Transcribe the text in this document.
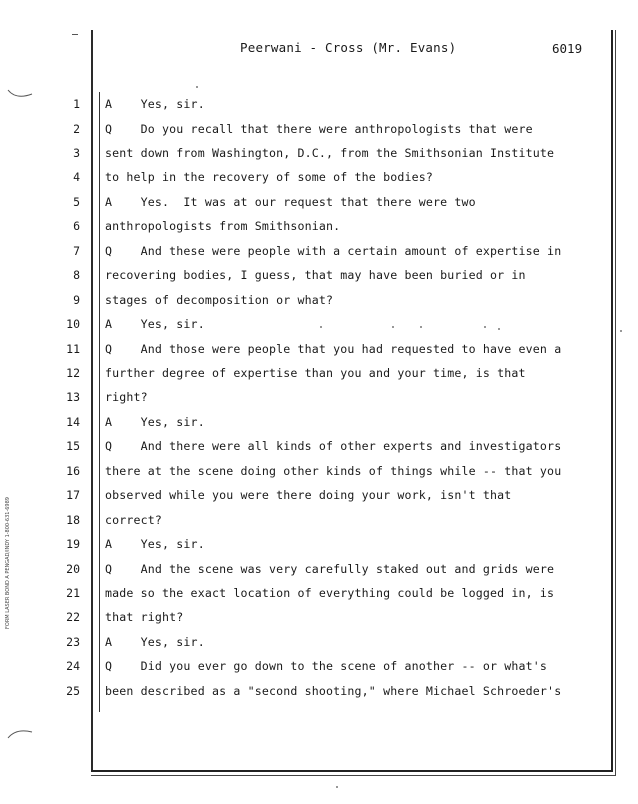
Peerwani - Cross (Mr. Evans)	6019
1 A    Yes, sir.
2 Q    Do you recall that there were anthropologists that were
3 sent down from Washington, D.C., from the Smithsonian Institute
4 to help in the recovery of some of the bodies?
5 A    Yes.  It was at our request that there were two
6 anthropologists from Smithsonian.
7 Q    And these were people with a certain amount of expertise in
8 recovering bodies, I guess, that may have been buried or in
9 stages of decomposition or what?
10 A    Yes, sir.
11 Q    And those were people that you had requested to have even a
12 further degree of expertise than you and your time, is that
13 right?
14 A    Yes, sir.
15 Q    And there were all kinds of other experts and investigators
16 there at the scene doing other kinds of things while -- that you
17 observed while you were there doing your work, isn't that
18 correct?
19 A    Yes, sir.
20 Q    And the scene was very carefully staked out and grids were
21 made so the exact location of everything could be logged in, is
22 that right?
23 A    Yes, sir.
24 Q    Did you ever go down to the scene of another -- or what's
25 been described as a "second shooting," where Michael Schroeder's
FORM LASER BOND A PENGAD/INDY 1-800-631-6989
